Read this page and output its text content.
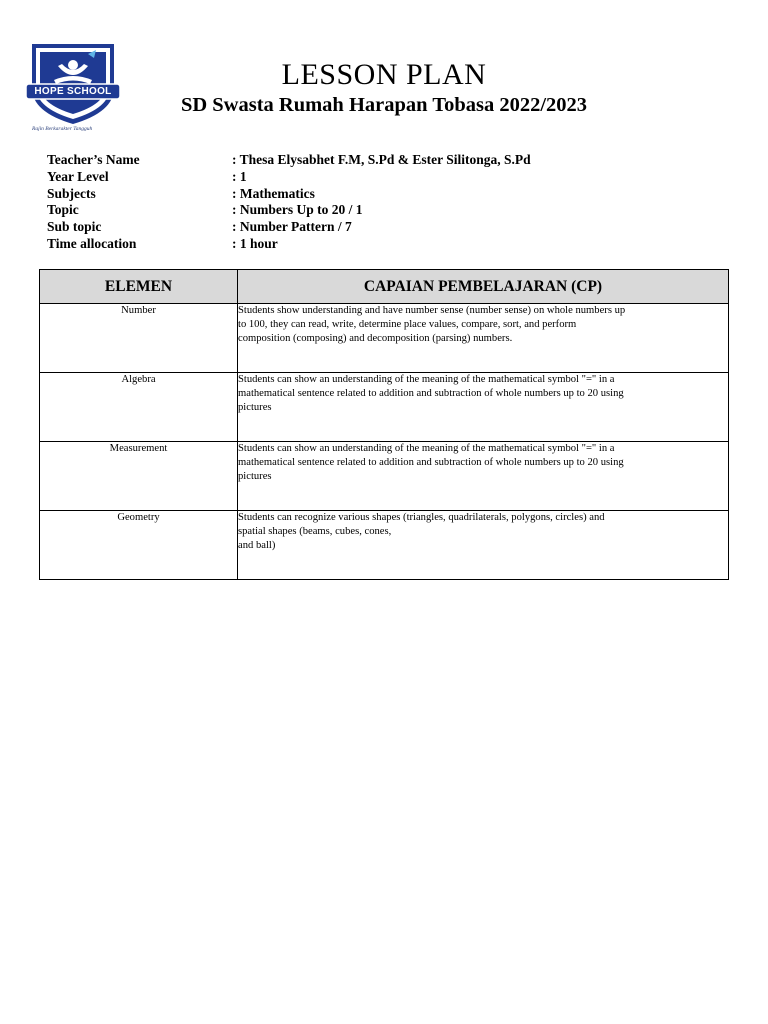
HOPE SCHOOL
Rajin Berkarakter Tangguh
LESSON PLAN
SD Swasta Rumah Harapan Tobasa 2022/2023
Teacher’s Name	: Thesa Elysabhet F.M, S.Pd & Ester Silitonga, S.Pd
Year Level	: 1
Subjects	: Mathematics
Topic	: Numbers Up to 20 / 1
Sub topic	: Number Pattern / 7
Time allocation	: 1 hour
ELEMEN	CAPAIAN PEMBELAJARAN (CP)
Number	Students show understanding and have number sense (number sense) on whole numbers up
to 100, they can read, write, determine place values, compare, sort, and perform
composition (composing) and decomposition (parsing) numbers.

Algebra	Students can show an understanding of the meaning of the mathematical symbol "=" in a
mathematical sentence related to addition and subtraction of whole numbers up to 20 using
pictures

Measurement	Students can show an understanding of the meaning of the mathematical symbol "=" in a
mathematical sentence related to addition and subtraction of whole numbers up to 20 using
pictures

Geometry	Students can recognize various shapes (triangles, quadrilaterals, polygons, circles) and
spatial shapes (beams, cubes, cones,
and ball)
